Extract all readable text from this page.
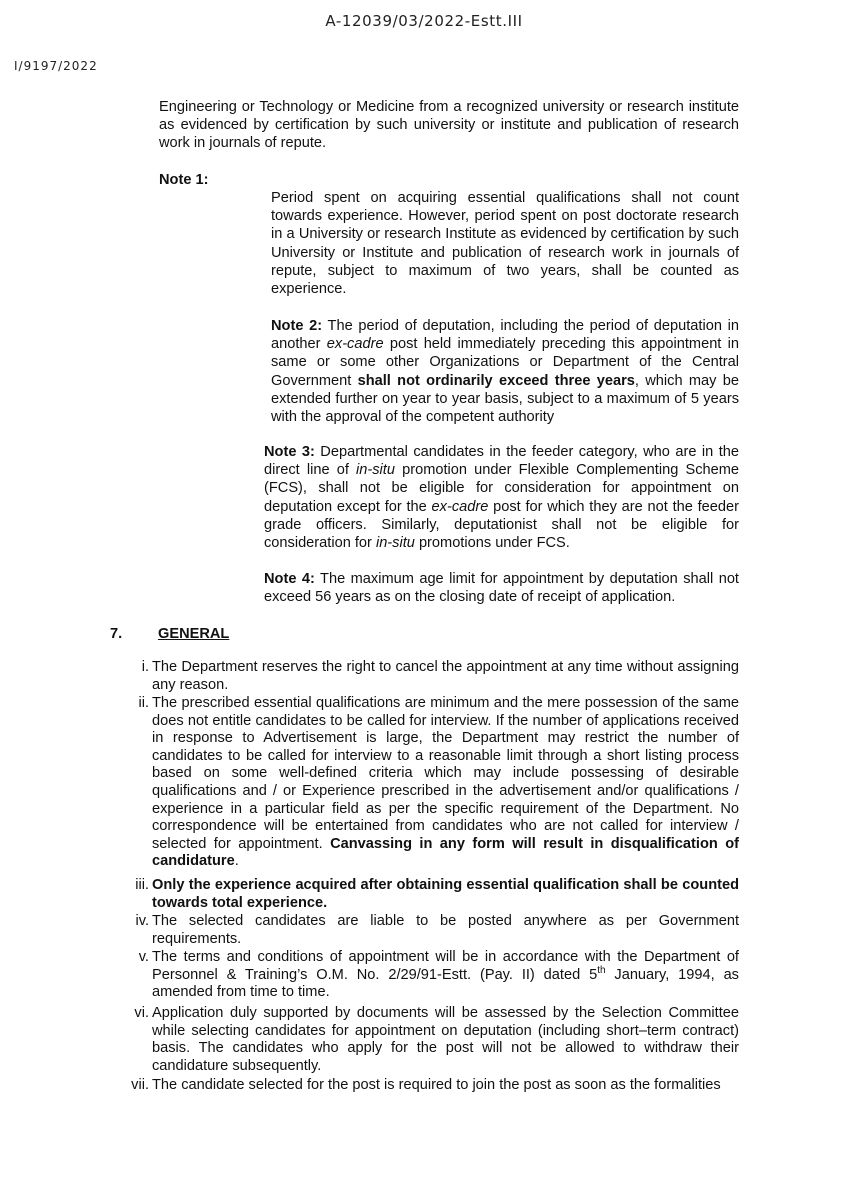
A-12039/03/2022-Estt.III
I/9197/2022

Engineering or Technology or Medicine from a recognized university or research institute as evidenced by certification by such university or institute and publication of research work in journals of repute.

Note 1:

Period spent on acquiring essential qualifications shall not count towards experience. However, period spent on post doctorate research in a University or research Institute as evidenced by certification by such University or Institute and publication of research work in journals of repute, subject to maximum of two years, shall be counted as experience.

Note 2: The period of deputation, including the period of deputation in another ex-cadre post held immediately preceding this appointment in same or some other Organizations or Department of the Central Government shall not ordinarily exceed three years, which may be extended further on year to year basis, subject to a maximum of 5 years with the approval of the competent authority

Note 3: Departmental candidates in the feeder category, who are in the direct line of in-situ promotion under Flexible Complementing Scheme (FCS), shall not be eligible for consideration for appointment on deputation except for the ex-cadre post for which they are not the feeder grade officers. Similarly, deputationist shall not be eligible for consideration for in-situ promotions under FCS.

Note 4: The maximum age limit for appointment by deputation shall not exceed 56 years as on the closing date of receipt of application.

7. GENERAL
i. The Department reserves the right to cancel the appointment at any time without assigning any reason.
ii. The prescribed essential qualifications are minimum and the mere possession of the same does not entitle candidates to be called for interview. If the number of applications received in response to Advertisement is large, the Department may restrict the number of candidates to be called for interview to a reasonable limit through a short listing process based on some well-defined criteria which may include possessing of desirable qualifications and / or Experience prescribed in the advertisement and/or qualifications / experience in a particular field as per the specific requirement of the Department. No correspondence will be entertained from candidates who are not called for interview / selected for appointment. Canvassing in any form will result in disqualification of candidature.
iii. Only the experience acquired after obtaining essential qualification shall be counted towards total experience.
iv. The selected candidates are liable to be posted anywhere as per Government requirements.
v. The terms and conditions of appointment will be in accordance with the Department of Personnel & Training’s O.M. No. 2/29/91-Estt. (Pay. II) dated 5th January, 1994, as amended from time to time.
vi. Application duly supported by documents will be assessed by the Selection Committee while selecting candidates for appointment on deputation (including short–term contract) basis. The candidates who apply for the post will not be allowed to withdraw their candidature subsequently.
vii. The candidate selected for the post is required to join the post as soon as the formalities
